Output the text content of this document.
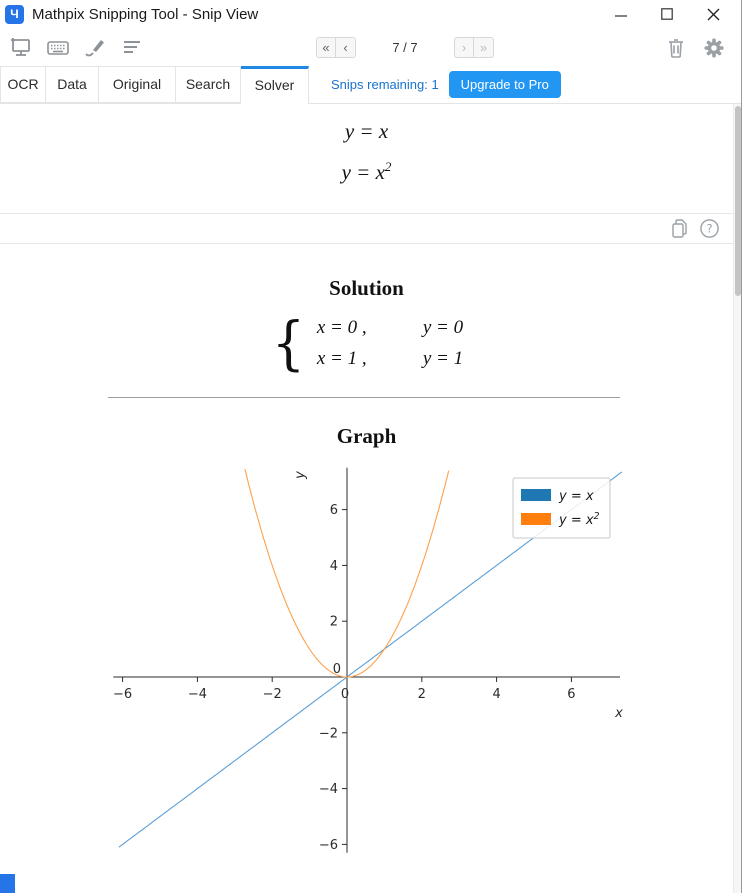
Ч Mathpix Snipping Tool - Snip View
«	‹	7 / 7	›	»
OCR	Data	Original	Search	Solver	Snips remaining: 1	Upgrade to Pro
y = x
$y = x^2$
?
Solution
{ x = 0 ,	y = 0
x = 1 ,	y = 1
Graph
−6	−4	−2	0	2	4	6
−6
−4
−2
0
2
4
6
x
y
y = x
$y = x^2$
